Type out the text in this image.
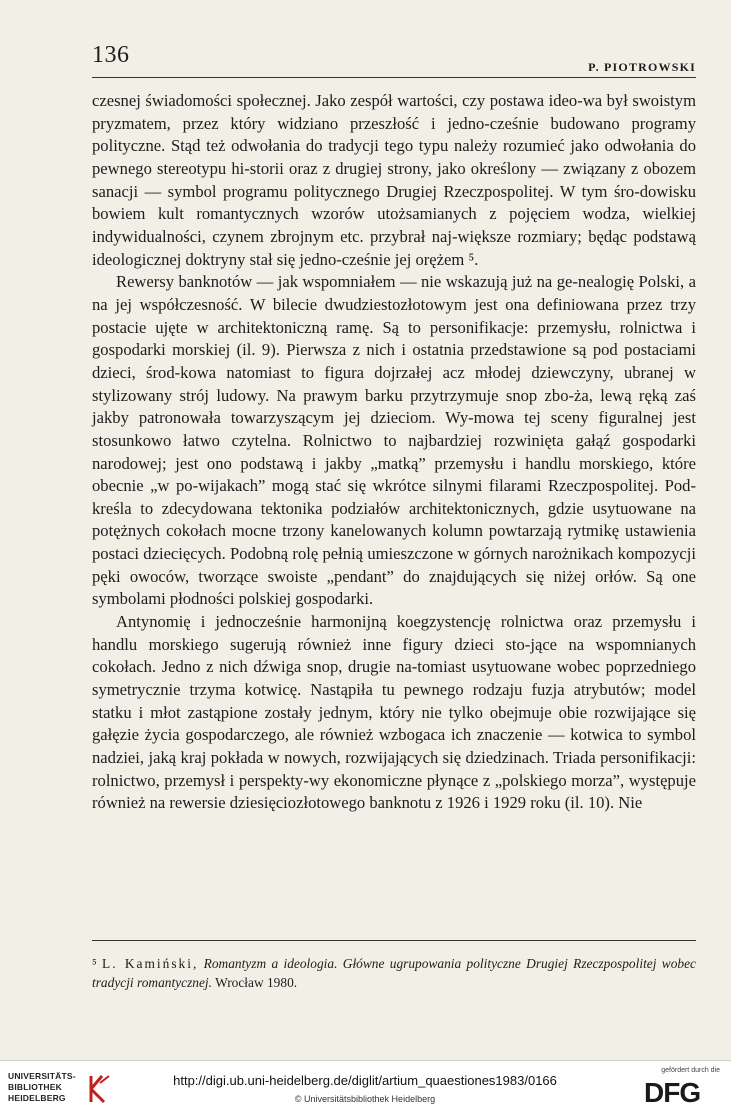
136	P. PIOTROWSKI

czesnej świadomości społecznej. Jako zespół wartości, czy postawa ideo-wa był swoistym pryzmatem, przez który widziano przeszłość i jedno-cześnie budowano programy polityczne. Stąd też odwołania do tradycji tego typu należy rozumieć jako odwołania do pewnego stereotypu hi-storii oraz z drugiej strony, jako określony — związany z obozem sanacji — symbol programu politycznego Drugiej Rzeczpospolitej. W tym śro-dowisku bowiem kult romantycznych wzorów utożsamianych z pojęciem wodza, wielkiej indywidualności, czynem zbrojnym etc. przybrał naj-większe rozmiary; będąc podstawą ideologicznej doktryny stał się jedno-cześnie jej orężem ⁵.

Rewersy banknotów — jak wspomniałem — nie wskazują już na ge-nealogię Polski, a na jej współczesność. W bilecie dwudziestozłotowym jest ona definiowana przez trzy postacie ujęte w architektoniczną ramę. Są to personifikacje: przemysłu, rolnictwa i gospodarki morskiej (il. 9). Pierwsza z nich i ostatnia przedstawione są pod postaciami dzieci, środ-kowa natomiast to figura dojrzałej acz młodej dziewczyny, ubranej w stylizowany strój ludowy. Na prawym barku przytrzymuje snop zbo-ża, lewą ręką zaś jakby patronowała towarzyszącym jej dzieciom. Wy-mowa tej sceny figuralnej jest stosunkowo łatwo czytelna. Rolnictwo to najbardziej rozwinięta gałąź gospodarki narodowej; jest ono podstawą i jakby „matką” przemysłu i handlu morskiego, które obecnie „w po-wijakach” mogą stać się wkrótce silnymi filarami Rzeczpospolitej. Pod-kreśla to zdecydowana tektonika podziałów architektonicznych, gdzie usytuowane na potężnych cokołach mocne trzony kanelowanych kolumn powtarzają rytmikę ustawienia postaci dziecięcych. Podobną rolę pełnią umieszczone w górnych narożnikach kompozycji pęki owoców, tworzące swoiste „pendant” do znajdujących się niżej orłów. Są one symbolami płodności polskiej gospodarki.

Antynomię i jednocześnie harmonijną koegzystencję rolnictwa oraz przemysłu i handlu morskiego sugerują również inne figury dzieci sto-jące na wspomnianych cokołach. Jedno z nich dźwiga snop, drugie na-tomiast usytuowane wobec poprzedniego symetrycznie trzyma kotwicę. Nastąpiła tu pewnego rodzaju fuzja atrybutów; model statku i młot zastąpione zostały jednym, który nie tylko obejmuje obie rozwijające się gałęzie życia gospodarczego, ale również wzbogaca ich znaczenie — kotwica to symbol nadziei, jaką kraj pokłada w nowych, rozwijających się dziedzinach. Triada personifikacji: rolnictwo, przemysł i perspekty-wy ekonomiczne płynące z „polskiego morza”, występuje również na rewersie dziesięciozłotowego banknotu z 1926 i 1929 roku (il. 10). Nie

⁵ L. Kamiński, Romantyzm a ideologia. Główne ugrupowania polityczne Drugiej Rzeczpospolitej wobec tradycji romantycznej. Wrocław 1980.

UNIVERSITÄTS-
BIBLIOTHEK
HEIDELBERG
http://digi.ub.uni-heidelberg.de/diglit/artium_quaestiones1983/0166
© Universitätsbibliothek Heidelberg
gefördert durch die
DFG
